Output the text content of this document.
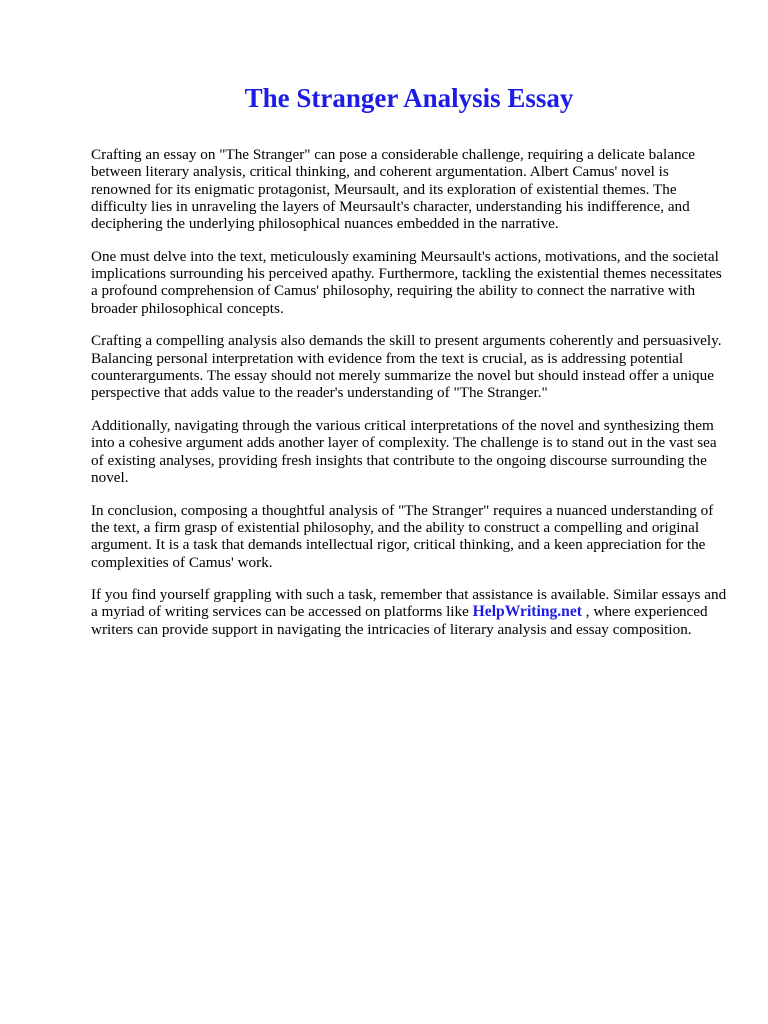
The Stranger Analysis Essay

Crafting an essay on "The Stranger" can pose a considerable challenge, requiring a delicate balance between literary analysis, critical thinking, and coherent argumentation. Albert Camus' novel is renowned for its enigmatic protagonist, Meursault, and its exploration of existential themes. The difficulty lies in unraveling the layers of Meursault's character, understanding his indifference, and deciphering the underlying philosophical nuances embedded in the narrative.

One must delve into the text, meticulously examining Meursault's actions, motivations, and the societal implications surrounding his perceived apathy. Furthermore, tackling the existential themes necessitates a profound comprehension of Camus' philosophy, requiring the ability to connect the narrative with broader philosophical concepts.

Crafting a compelling analysis also demands the skill to present arguments coherently and persuasively. Balancing personal interpretation with evidence from the text is crucial, as is addressing potential counterarguments. The essay should not merely summarize the novel but should instead offer a unique perspective that adds value to the reader's understanding of "The Stranger."

Additionally, navigating through the various critical interpretations of the novel and synthesizing them into a cohesive argument adds another layer of complexity. The challenge is to stand out in the vast sea of existing analyses, providing fresh insights that contribute to the ongoing discourse surrounding the novel.

In conclusion, composing a thoughtful analysis of "The Stranger" requires a nuanced understanding of the text, a firm grasp of existential philosophy, and the ability to construct a compelling and original argument. It is a task that demands intellectual rigor, critical thinking, and a keen appreciation for the complexities of Camus' work.

If you find yourself grappling with such a task, remember that assistance is available. Similar essays and a myriad of writing services can be accessed on platforms like HelpWriting.net , where experienced writers can provide support in navigating the intricacies of literary analysis and essay composition.
